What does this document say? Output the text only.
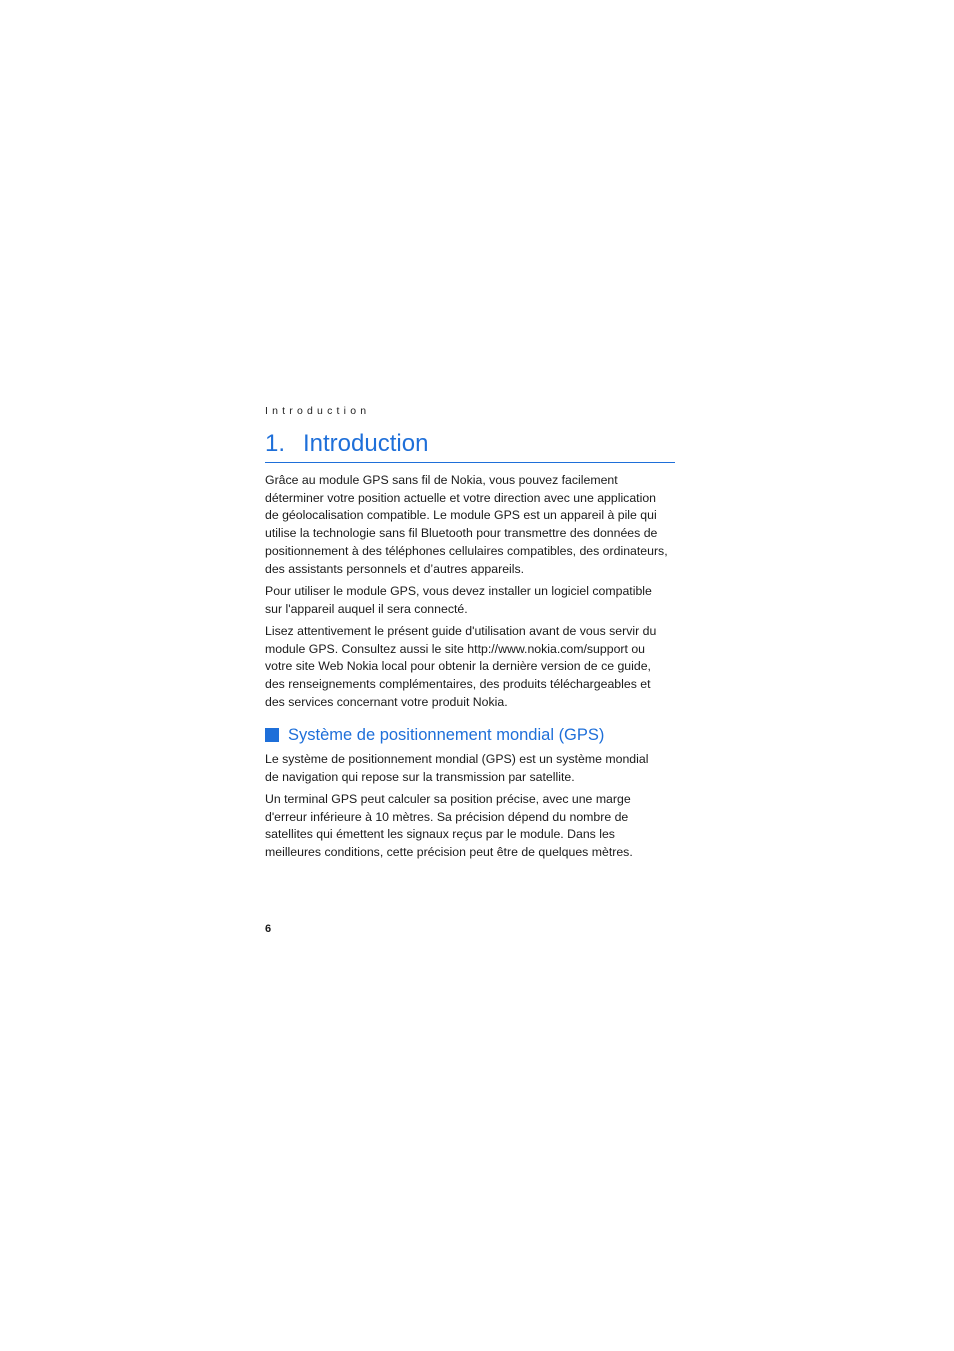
Introduction
1. Introduction

Grâce au module GPS sans fil de Nokia, vous pouvez facilement
déterminer votre position actuelle et votre direction avec une application
de géolocalisation compatible. Le module GPS est un appareil à pile qui
utilise la technologie sans fil Bluetooth pour transmettre des données de
positionnement à des téléphones cellulaires compatibles, des ordinateurs,
des assistants personnels et d’autres appareils.

Pour utiliser le module GPS, vous devez installer un logiciel compatible
sur l'appareil auquel il sera connecté.

Lisez attentivement le présent guide d'utilisation avant de vous servir du
module GPS. Consultez aussi le site http://www.nokia.com/support ou
votre site Web Nokia local pour obtenir la dernière version de ce guide,
des renseignements complémentaires, des produits téléchargeables et
des services concernant votre produit Nokia.

Système de positionnement mondial (GPS)

Le système de positionnement mondial (GPS) est un système mondial
de navigation qui repose sur la transmission par satellite.

Un terminal GPS peut calculer sa position précise, avec une marge
d'erreur inférieure à 10 mètres. Sa précision dépend du nombre de
satellites qui émettent les signaux reçus par le module. Dans les
meilleures conditions, cette précision peut être de quelques mètres.

6
